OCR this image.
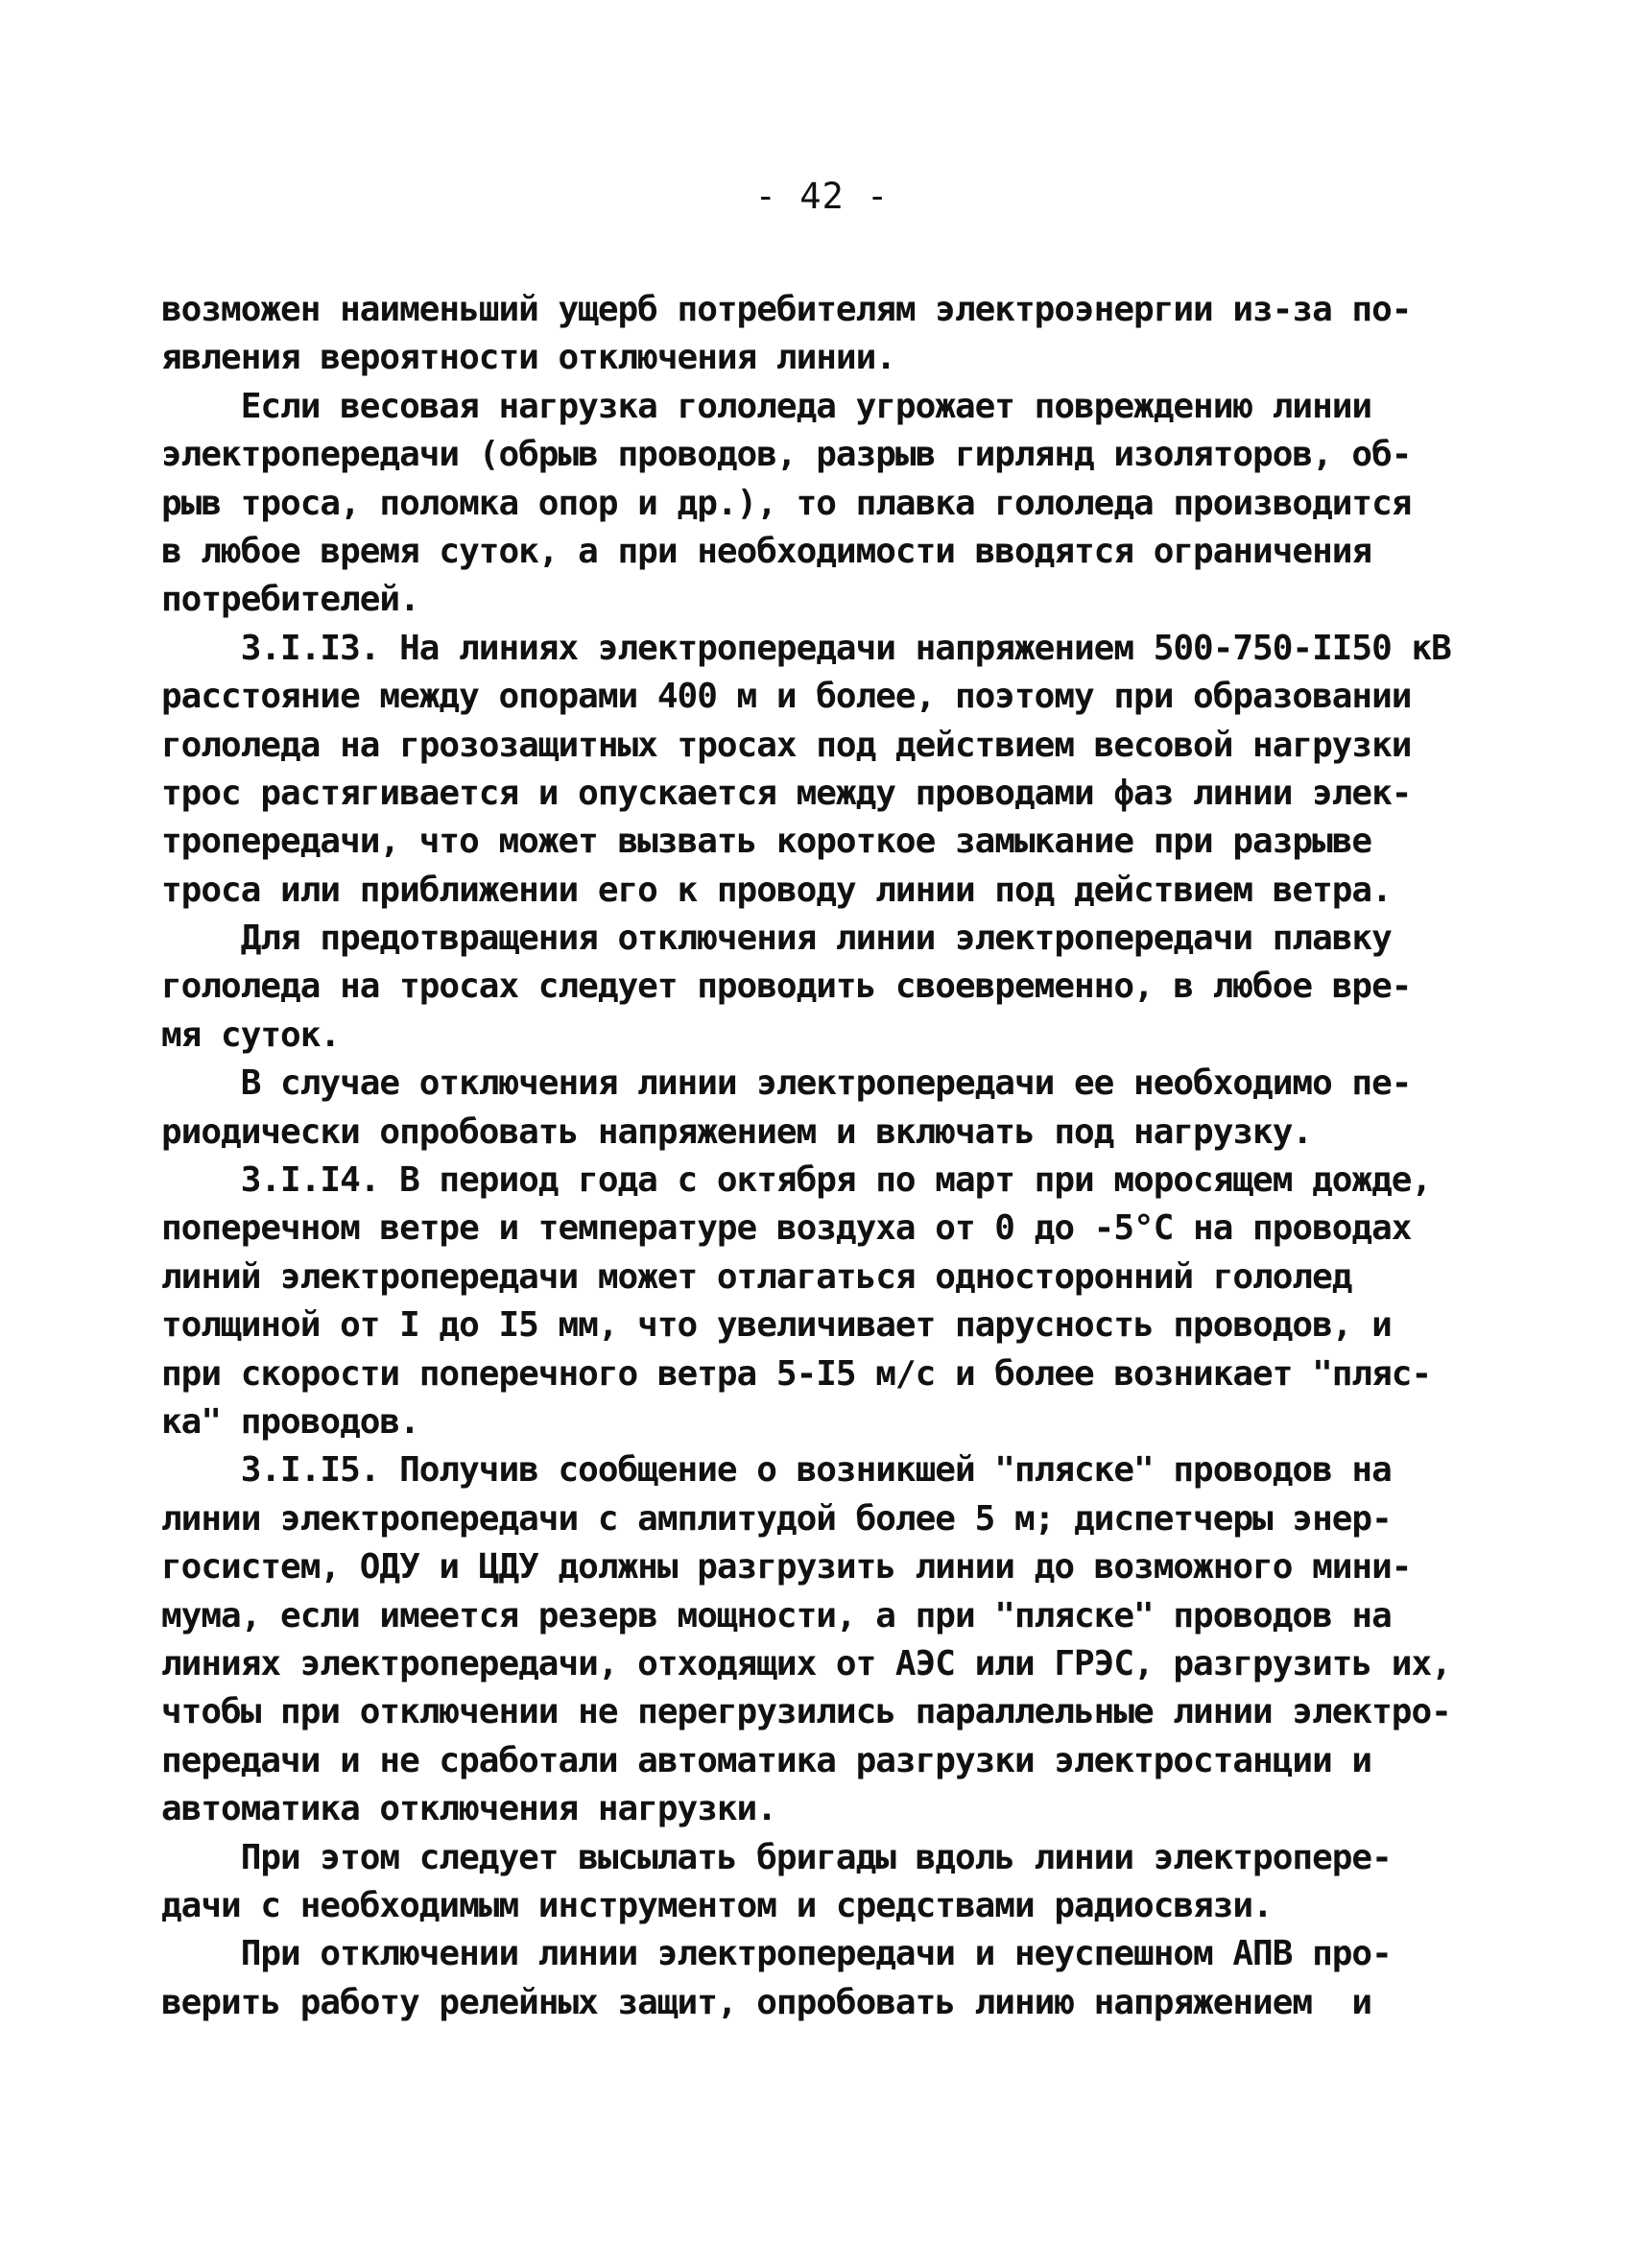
- 42 -
возможен наименьший ущерб потребителям электроэнергии из-за по-
явления вероятности отключения линии.
Если весовая нагрузка гололеда угрожает повреждению линии
электропередачи (обрыв проводов, разрыв гирлянд изоляторов, об-
рыв троса, поломка опор и др.), то плавка гололеда производится
в любое время суток, а при необходимости вводятся ограничения
потребителей.
3.I.I3. На линиях электропередачи напряжением 500-750-II50 кВ
расстояние между опорами 400 м и более, поэтому при образовании
гололеда на грозозащитных тросах под действием весовой нагрузки
трос растягивается и опускается между проводами фаз линии элек-
тропередачи, что может вызвать короткое замыкание при разрыве
троса или приближении его к проводу линии под действием ветра.
Для предотвращения отключения линии электропередачи плавку
гололеда на тросах следует проводить своевременно, в любое вре-
мя суток.
В случае отключения линии электропередачи ее необходимо пе-
риодически опробовать напряжением и включать под нагрузку.
3.I.I4. В период года с октября по март при моросящем дожде,
поперечном ветре и температуре воздуха от 0 до -5°С на проводах
линий электропередачи может отлагаться односторонний гололед
толщиной от I до I5 мм, что увеличивает парусность проводов, и
при скорости поперечного ветра 5-I5 м/с и более возникает "пляс-
ка" проводов.
3.I.I5. Получив сообщение о возникшей "пляске" проводов на
линии электропередачи с амплитудой более 5 м; диспетчеры энер-
госистем, ОДУ и ЦДУ должны разгрузить линии до возможного мини-
мума, если имеется резерв мощности, а при "пляске" проводов на
линиях электропередачи, отходящих от АЭС или ГРЭС, разгрузить их,
чтобы при отключении не перегрузились параллельные линии электро-
передачи и не сработали автоматика разгрузки электростанции и
автоматика отключения нагрузки.
При этом следует высылать бригады вдоль линии электропере-
дачи с необходимым инструментом и средствами радиосвязи.
При отключении линии электропередачи и неуспешном АПВ про-
верить работу релейных защит, опробовать линию напряжением  и
